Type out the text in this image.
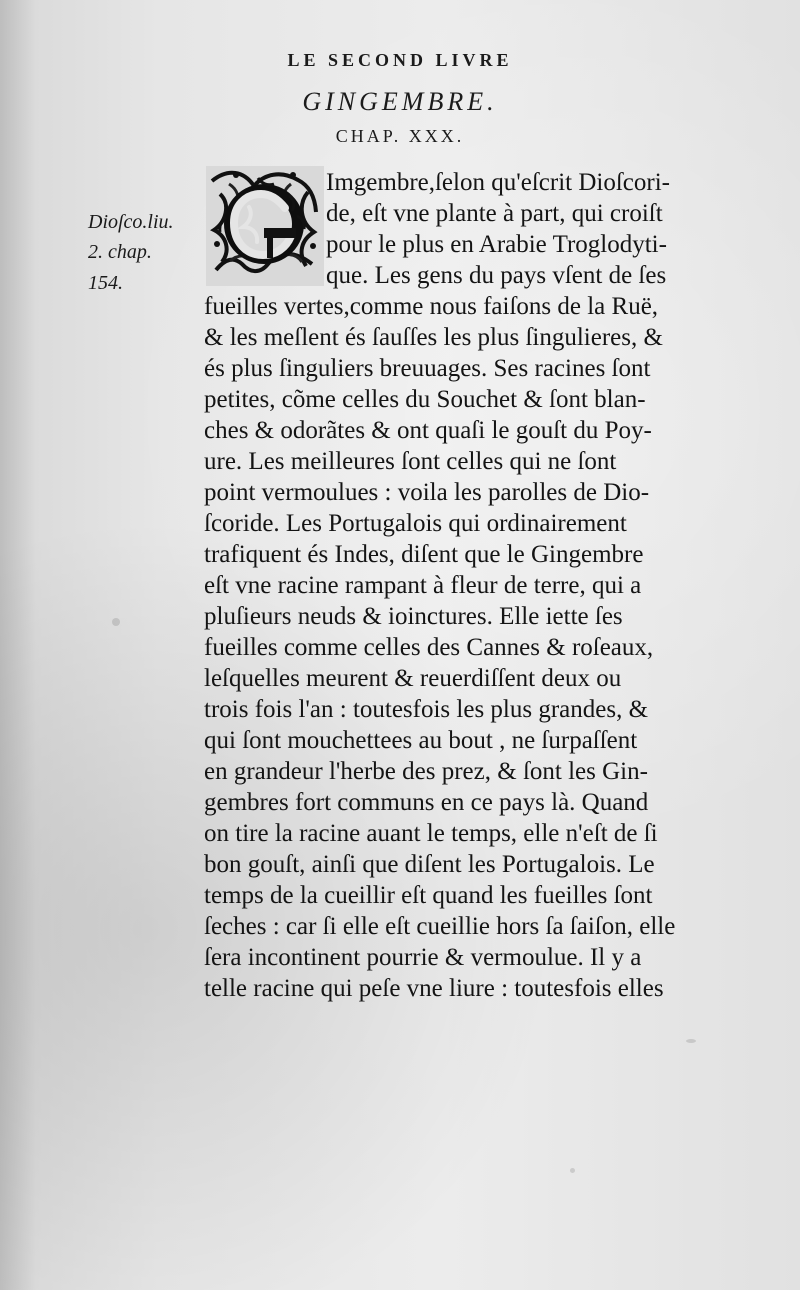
LE SECOND LIVRE
GINGEMBRE.
CHAP. XXX.
Dioſco.liu.
2. chap.
154.
Imgembre,ſelon qu'eſcrit Dioſcori-
de, eſt vne plante à part, qui croiſt
pour le plus en Arabie Troglodyti-
que. Les gens du pays vſent de ſes
fueilles vertes,comme nous faiſons de la Ruë,
& les meſlent és ſauſſes les plus ſingulieres, &
és plus ſinguliers breuuages. Ses racines ſont
petites, cõme celles du Souchet & ſont blan-
ches & odorãtes & ont quaſi le gouſt du Poy-
ure. Les meilleures ſont celles qui ne ſont
point vermoulues : voila les parolles de Dio-
ſcoride. Les Portugalois qui ordinairement
trafiquent és Indes, diſent que le Gingembre
eſt vne racine rampant à fleur de terre, qui a
pluſieurs neuds & ioinctures. Elle iette ſes
fueilles comme celles des Cannes & roſeaux,
leſquelles meurent & reuerdiſſent deux ou
trois fois l'an : toutesfois les plus grandes, &
qui ſont mouchettees au bout , ne ſurpaſſent
en grandeur l'herbe des prez, & ſont les Gin-
gembres fort communs en ce pays là. Quand
on tire la racine auant le temps, elle n'eſt de ſi
bon gouſt, ainſi que diſent les Portugalois. Le
temps de la cueillir eſt quand les fueilles ſont
ſeches : car ſi elle eſt cueillie hors ſa ſaiſon, elle
ſera incontinent pourrie & vermoulue. Il y a
telle racine qui peſe vne liure : toutesfois elles
